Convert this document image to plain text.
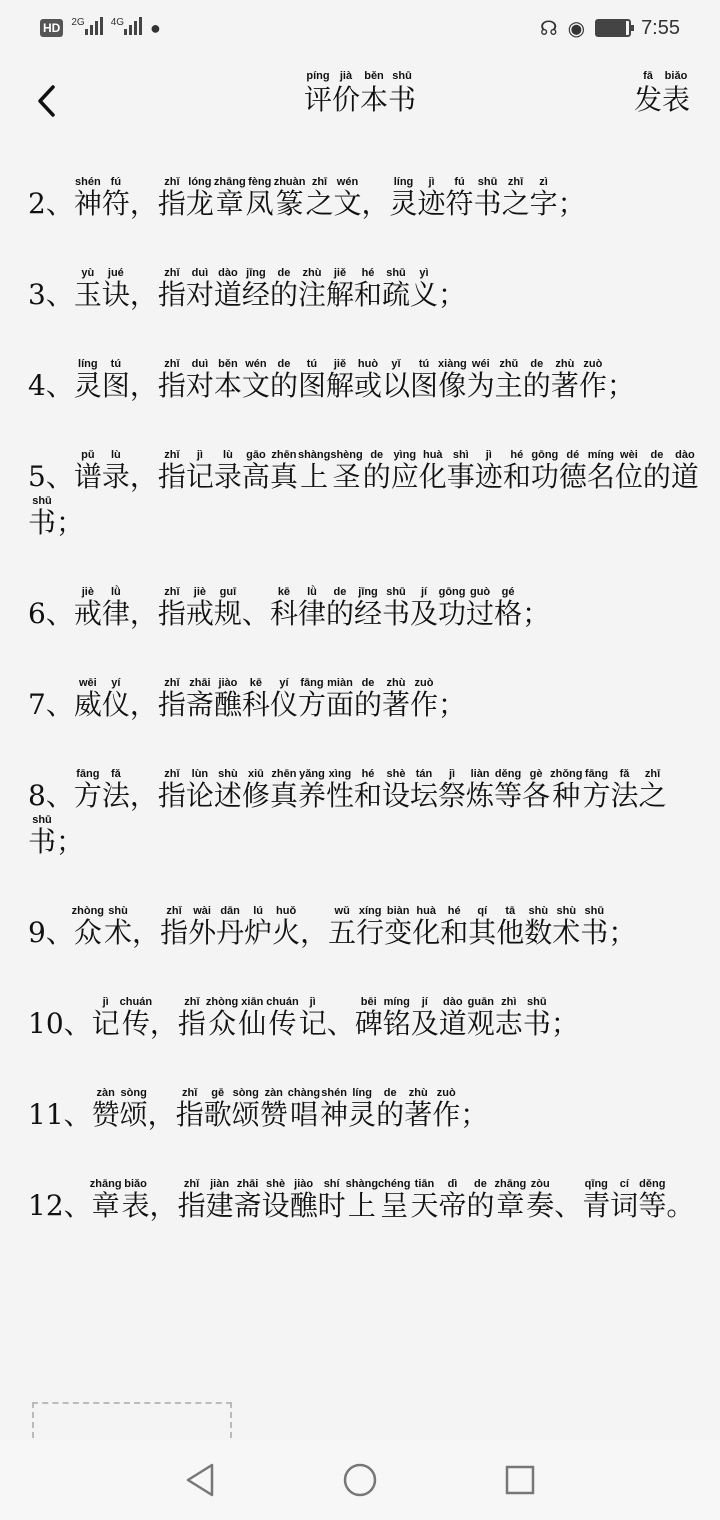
HD	$^{2G}$	$^{4G}$	●	☊ ◉	7:55
píng
评
jià
价
běn
本
shū
书
fā
发
biǎo
表
2、神shén符fú，指zhǐ龙lóng章zhāng凤fèng篆zhuàn之zhī文wén，灵líng迹jì符fú书shū之zhī字zì；
3、玉yù诀jué，指zhǐ对duì道dào经jīng的de注zhù解jiě和hé疏shū义yì；
4、灵líng图tú，指zhǐ对duì本běn文wén的de图tú解jiě或huò以yǐ图tú像xiàng为wéi主zhǔ的de著zhù作zuò；
5、谱pǔ录lù，指zhǐ记jì录lù高gāo真zhēn上shàng圣shèng的de应yìng化huà事shì迹jì和hé功gōng德dé名míng位wèi的de道dào书shū；
6、戒jiè律lǜ，指zhǐ戒jiè规guī、科kē律lǜ的de经jīng书shū及jí功gōng过guò格gé；
7、威wēi仪yí，指zhǐ斋zhāi醮jiào科kē仪yí方fāng面miàn的de著zhù作zuò；
8、方fāng法fǎ，指zhǐ论lùn述shù修xiū真zhēn养yǎng性xìng和hé设shè坛tán祭jì炼liàn等děng各gè种zhǒng方fāng法fǎ之zhī书shū；
9、众zhòng术shù，指zhǐ外wài丹dān炉lú火huǒ，五wǔ行xíng变biàn化huà和hé其qí他tā数shù术shù书shū；
10、记jì传chuán，指zhǐ众zhòng仙xiān传chuán记jì、碑bēi铭míng及jí道dào观guān志zhì书shū；
11、赞zàn颂sòng，指zhǐ歌gē颂sòng赞zàn唱chàng神shén灵líng的de著zhù作zuò；
12、章zhāng表biǎo，指zhǐ建jiàn斋zhāi设shè醮jiào时shí上shàng呈chéng天tiān帝dì的de章zhāng奏zòu、青qīng词cí等děng。
